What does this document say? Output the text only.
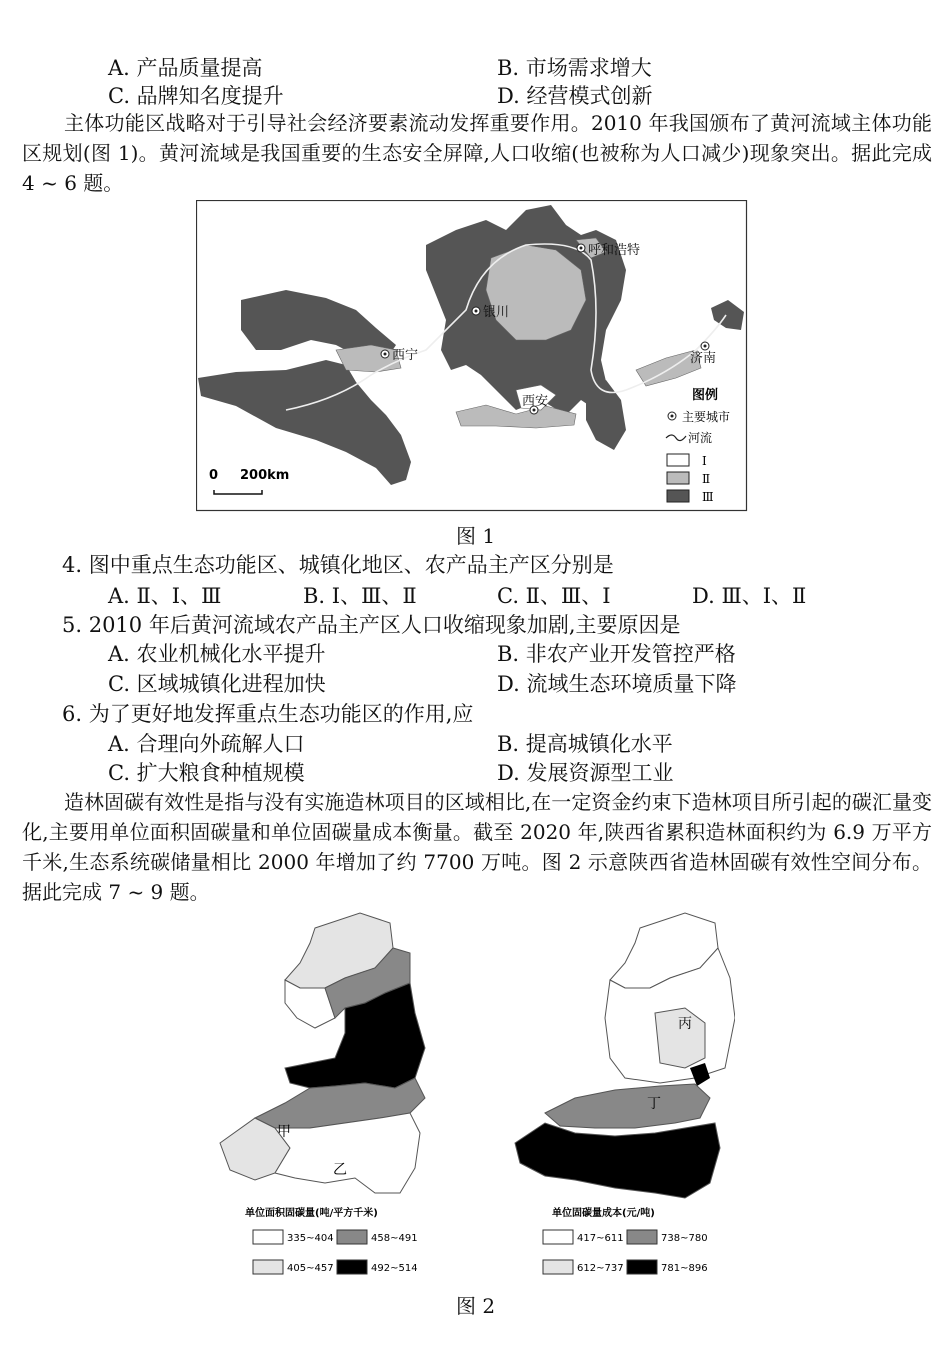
A. 产品质量提高	B. 市场需求增大
C. 品牌知名度提升	D. 经营模式创新
主体功能区战略对于引导社会经济要素流动发挥重要作用。2010 年我国颁布了黄河流域主体功能区规划(图 1)。黄河流域是我国重要的生态安全屏障,人口收缩(也被称为人口减少)现象突出。据此完成 4 ~ 6 题。
呼和浩特
银川
西宁	济南
西安
0 200km
图例
主要城市
河流
Ⅰ
Ⅱ
Ⅲ
图 1
4. 图中重点生态功能区、城镇化地区、农产品主产区分别是
A. Ⅱ、Ⅰ、Ⅲ	B. Ⅰ、Ⅲ、Ⅱ	C. Ⅱ、Ⅲ、Ⅰ	D. Ⅲ、Ⅰ、Ⅱ
5. 2010 年后黄河流域农产品主产区人口收缩现象加剧,主要原因是
A. 农业机械化水平提升	B. 非农产业开发管控严格
C. 区域城镇化进程加快	D. 流域生态环境质量下降
6. 为了更好地发挥重点生态功能区的作用,应
A. 合理向外疏解人口	B. 提高城镇化水平
C. 扩大粮食种植规模	D. 发展资源型工业
造林固碳有效性是指与没有实施造林项目的区域相比,在一定资金约束下造林项目所引起的碳汇量变化,主要用单位面积固碳量和单位固碳量成本衡量。截至 2020 年,陕西省累积造林面积约为 6.9 万平方千米,生态系统碳储量相比 2000 年增加了约 7700 万吨。图 2 示意陕西省造林固碳有效性空间分布。据此完成 7 ~ 9 题。
甲
乙
单位面积固碳量(吨/平方千米)
335~404	458~491
405~457	492~514
丙
丁
单位固碳量成本(元/吨)
417~611	738~780
612~737	781~896
图 2
